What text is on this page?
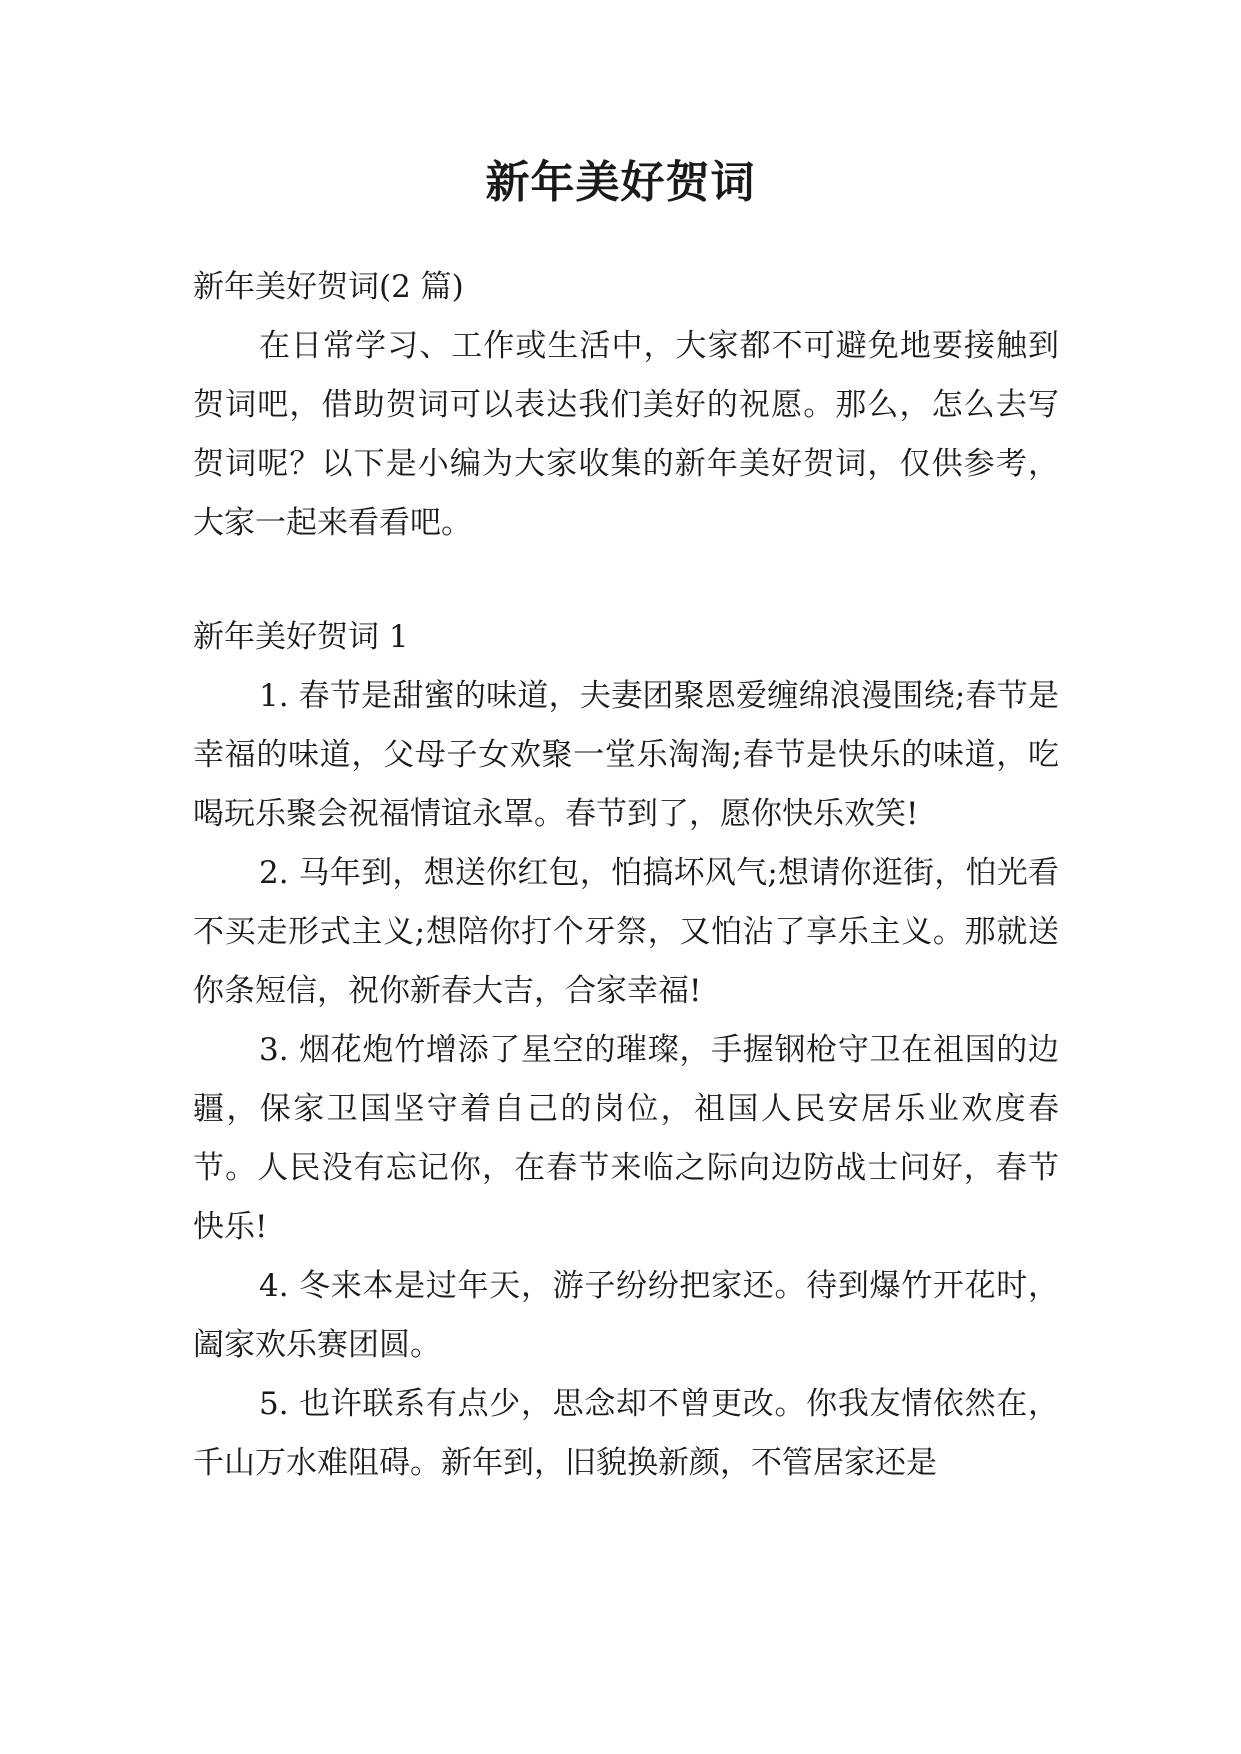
新年美好贺词

新年美好贺词(2 篇)

在日常学习、工作或生活中，大家都不可避免地要接触到贺词吧，借助贺词可以表达我们美好的祝愿。那么，怎么去写贺词呢？以下是小编为大家收集的新年美好贺词，仅供参考，大家一起来看看吧。

新年美好贺词 1

1. 春节是甜蜜的味道，夫妻团聚恩爱缠绵浪漫围绕;春节是幸福的味道，父母子女欢聚一堂乐淘淘;春节是快乐的味道，吃喝玩乐聚会祝福情谊永罩。春节到了，愿你快乐欢笑!

2. 马年到，想送你红包，怕搞坏风气;想请你逛街，怕光看不买走形式主义;想陪你打个牙祭，又怕沾了享乐主义。那就送你条短信，祝你新春大吉，合家幸福!

3. 烟花炮竹增添了星空的璀璨，手握钢枪守卫在祖国的边疆，保家卫国坚守着自己的岗位，祖国人民安居乐业欢度春节。人民没有忘记你，在春节来临之际向边防战士问好，春节快乐!

4. 冬来本是过年天，游子纷纷把家还。待到爆竹开花时，阖家欢乐赛团圆。

5. 也许联系有点少，思念却不曾更改。你我友情依然在，千山万水难阻碍。新年到，旧貌换新颜，不管居家还是
